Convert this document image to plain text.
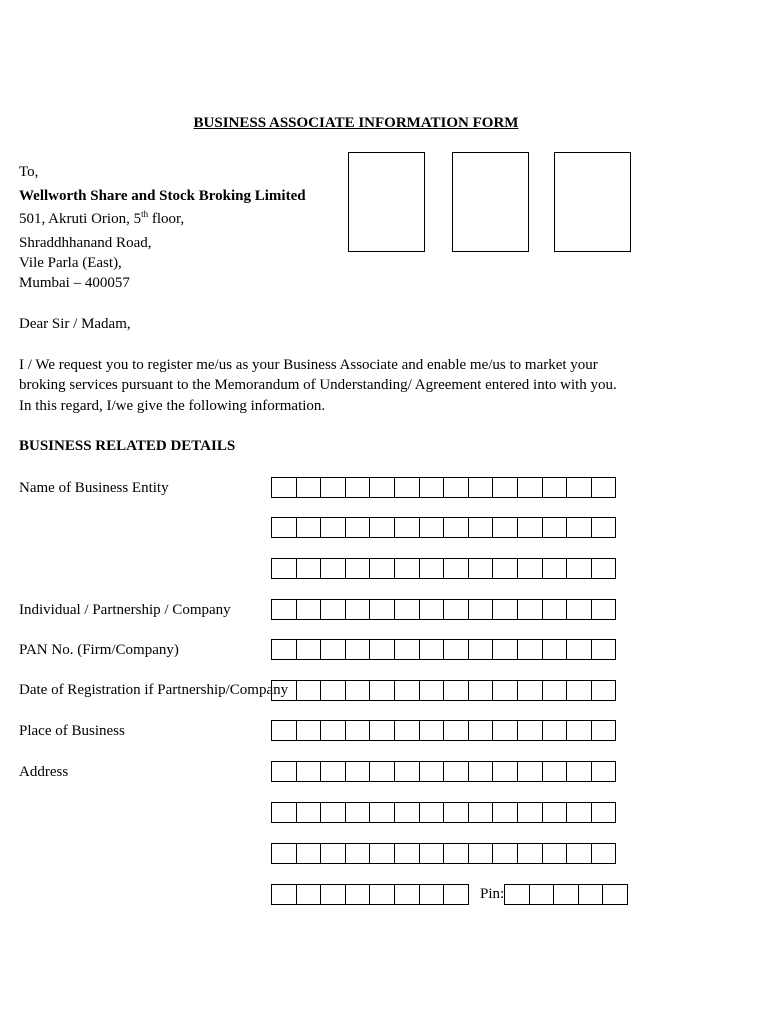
BUSINESS ASSOCIATE INFORMATION FORM
To,
Wellworth Share and Stock Broking Limited
501, Akruti Orion, 5th floor,
Shraddhhanand Road,
Vile Parla (East),
Mumbai – 400057
Dear Sir / Madam,
I / We request you to register me/us as your Business Associate and enable me/us to market your
broking services pursuant to the Memorandum of Understanding/ Agreement entered into with you.
In this regard, I/we give the following information.
BUSINESS RELATED DETAILS
Name of Business Entity
Individual / Partnership / Company
PAN No. (Firm/Company)
Date of Registration if Partnership/Company
Place of Business
Address
Pin:
